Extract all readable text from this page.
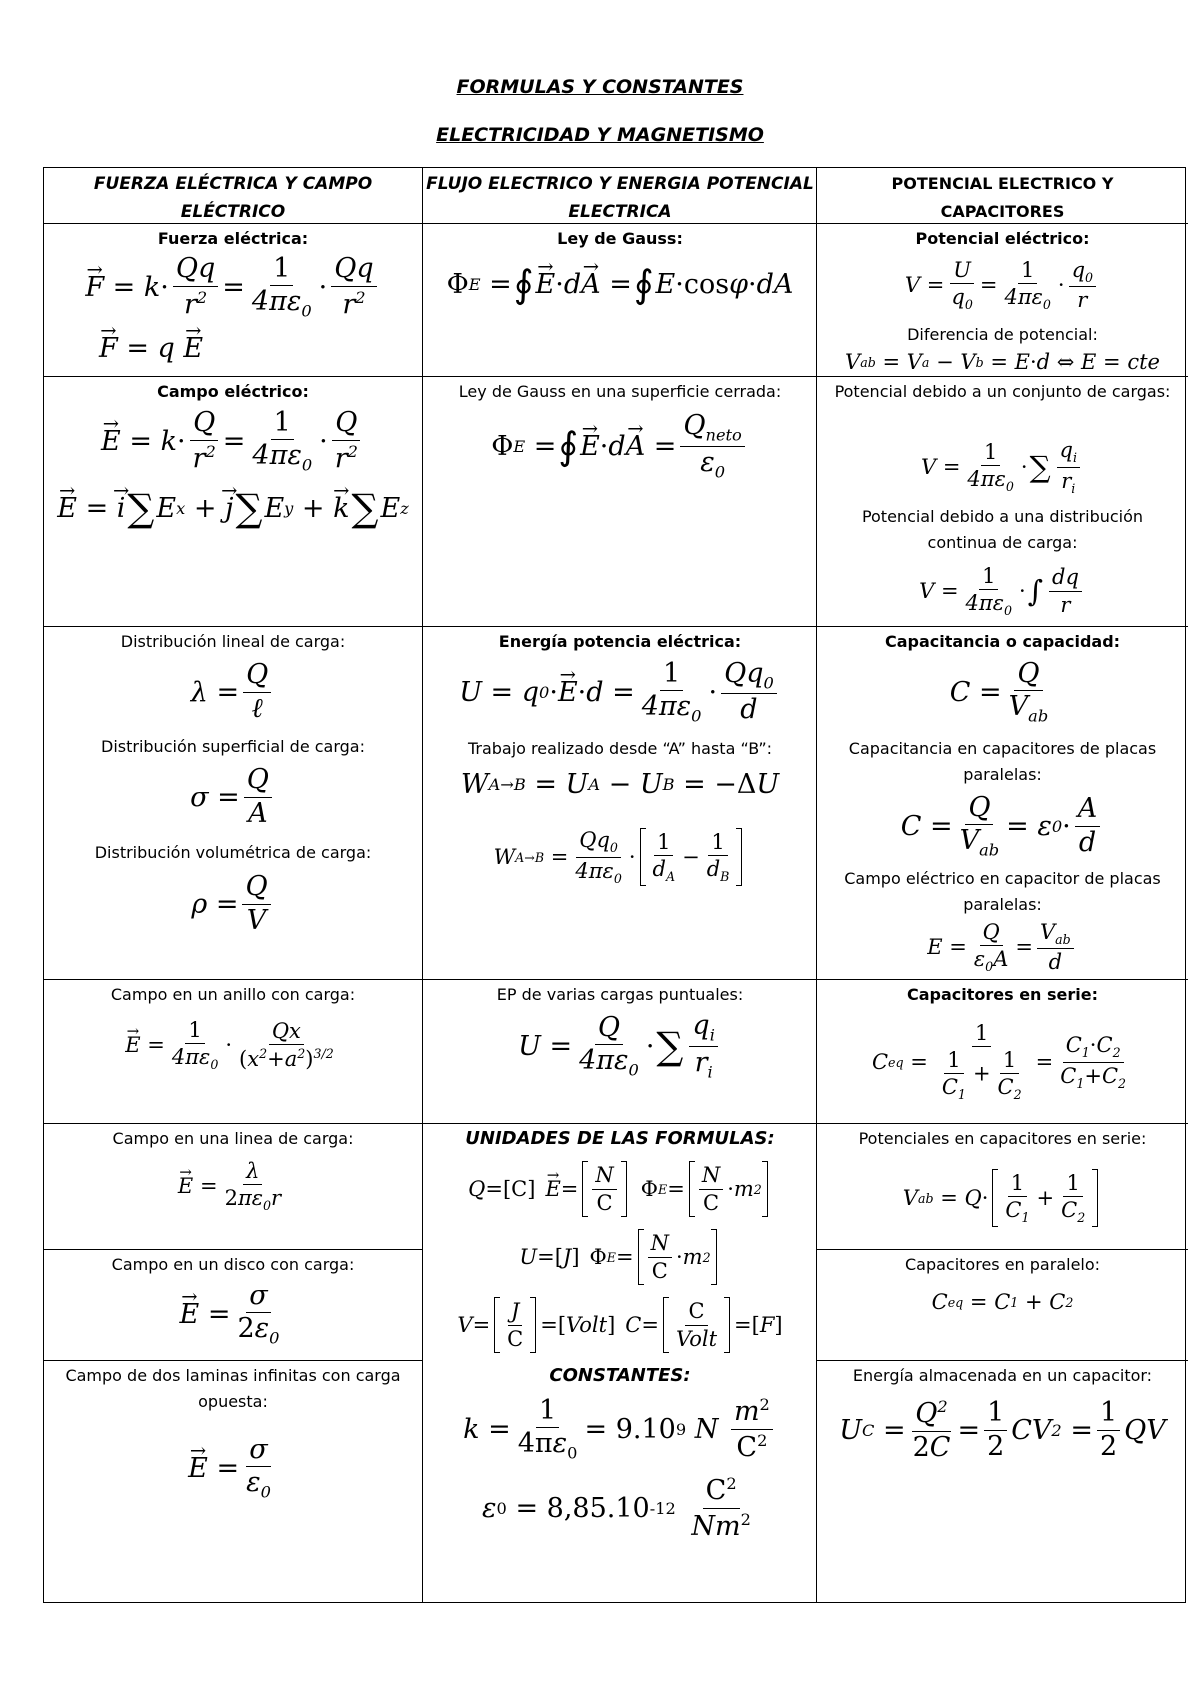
FORMULAS Y CONSTANTES
ELECTRICIDAD Y MAGNETISMO
FUERZA ELÉCTRICA Y CAMPO ELÉCTRICO
Fuerza eléctrica:
→ F
= $k \cdot \frac{Qq}{r^2} = \frac{1}{4\pi\varepsilon_0}$ ·
Qq
$r^2$
→ F
= q → E
Campo eléctrico:
→ E
= $k \cdot \frac{Q}{r^2} = \frac{1}{4\pi\varepsilon_0}$ ·
Q
$r^2$
→ E
=
→ i ∑ E x
+
→ j ∑ E y
+
→ k ∑ E z
Distribución lineal de carga:
λ =
Q
ℓ
Distribución superficial de carga:
$\sigma = \frac{Q}{A}$
Distribución volumétrica de carga:
$\rho = \frac{Q}{V}$
Campo en un anillo con carga:
→ E
= $\frac{1}{4\pi\varepsilon_0}$ ·
Qx
$(x^2+a^2)^{3/2}$
Campo en una linea de carga:
→ E
= $\frac{\lambda}{2\pi\varepsilon_0r}$
Campo en un disco con carga:
→ E
= $\frac{\sigma}{2\varepsilon_0}$
Campo de dos laminas infinitas con carga opuesta:
→ E
= $\frac{\sigma}{\varepsilon_0}$
FLUJO ELECTRICO Y ENERGIA POTENCIAL ELECTRICA
Ley de Gauss:
Φ E
= ∮ → E · d → A
= ∮ E ·cos φ · dA
Ley de Gauss en una superficie cerrada:
Φ E
= ∮ → E · d → A
=
$Q_{neto}$
$\varepsilon_0$
Energía potencia eléctrica:
U = q 0 · → $E \cdot d = \frac{1}{4\pi\varepsilon_0}$ ·
$Qq_0$
d
Trabajo realizado desde “A” hasta “B”:
W A→B
= U A
− U B
= −Δ U
W A→B
= $\frac{Qq_0}{4\pi\varepsilon_0}$ ·
1
$d_A$
− $\frac{1}{d_B}$
EP de varias cargas puntuales:
$U = \frac{Q}{4\pi\varepsilon_0}$ · ∑ $q_i$
$r_i$
UNIDADES DE LAS FORMULAS:
Q =[C] → E =
N
C
Φ E =
N
C
· m 2
U =[ J ] Φ E =
N
C
· m 2
V =
J
C
=[ Volt ] C =
C
Volt
=[ F ]
CONSTANTES:
k =
1
$4\pi\varepsilon_0$
= 9.10 9
N

$m^2$
$C^2$
ε 0 = 8,85.10 -12

$C^2$
Nm$^2$
POTENCIAL ELECTRICO Y CAPACITORES
Potencial eléctrico:
$V = \frac{U}{q_0} = \frac{1}{4\pi\varepsilon_0}$ ·
$q_0$
r
Diferencia de potencial:
V ab
= V a
− V b
= E · d ⇔ E = cte
Potencial debido a un conjunto de cargas:
$V = \frac{1}{4\pi\varepsilon_0}$ · ∑ $q_i$
$r_i$
Potencial debido a una distribución continua de carga:
$V = \frac{1}{4\pi\varepsilon_0}$ · ∫ dq
r
Capacitancia o capacidad:
C =
Q
$V_{ab}$
Capacitancia en capacitores de placas paralelas:
C =
Q
$V_{ab}$
= ε 0 ·
A
d
Campo eléctrico en capacitor de placas paralelas:
$E = \frac{Q}{\varepsilon_0A}$ =
$V_{ab}$
d
Capacitores en serie:
C eq
= $\frac{1}{\frac{1}{C_1} + \frac{1}{C_2}} = \frac{C_1\cdot C_2}{C_1+C_2}$
Potenciales en capacitores en serie:
V ab
= Q ·
1
$C_1$
+ $\frac{1}{C_2}$
Capacitores en paralelo:
C eq
= C 1
+ C 2
Energía almacenada en un capacitor:
U C
= $\frac{Q^2}{2C} = \frac{1}{2}$ CV 2
= $\frac{1}{2}$ QV
